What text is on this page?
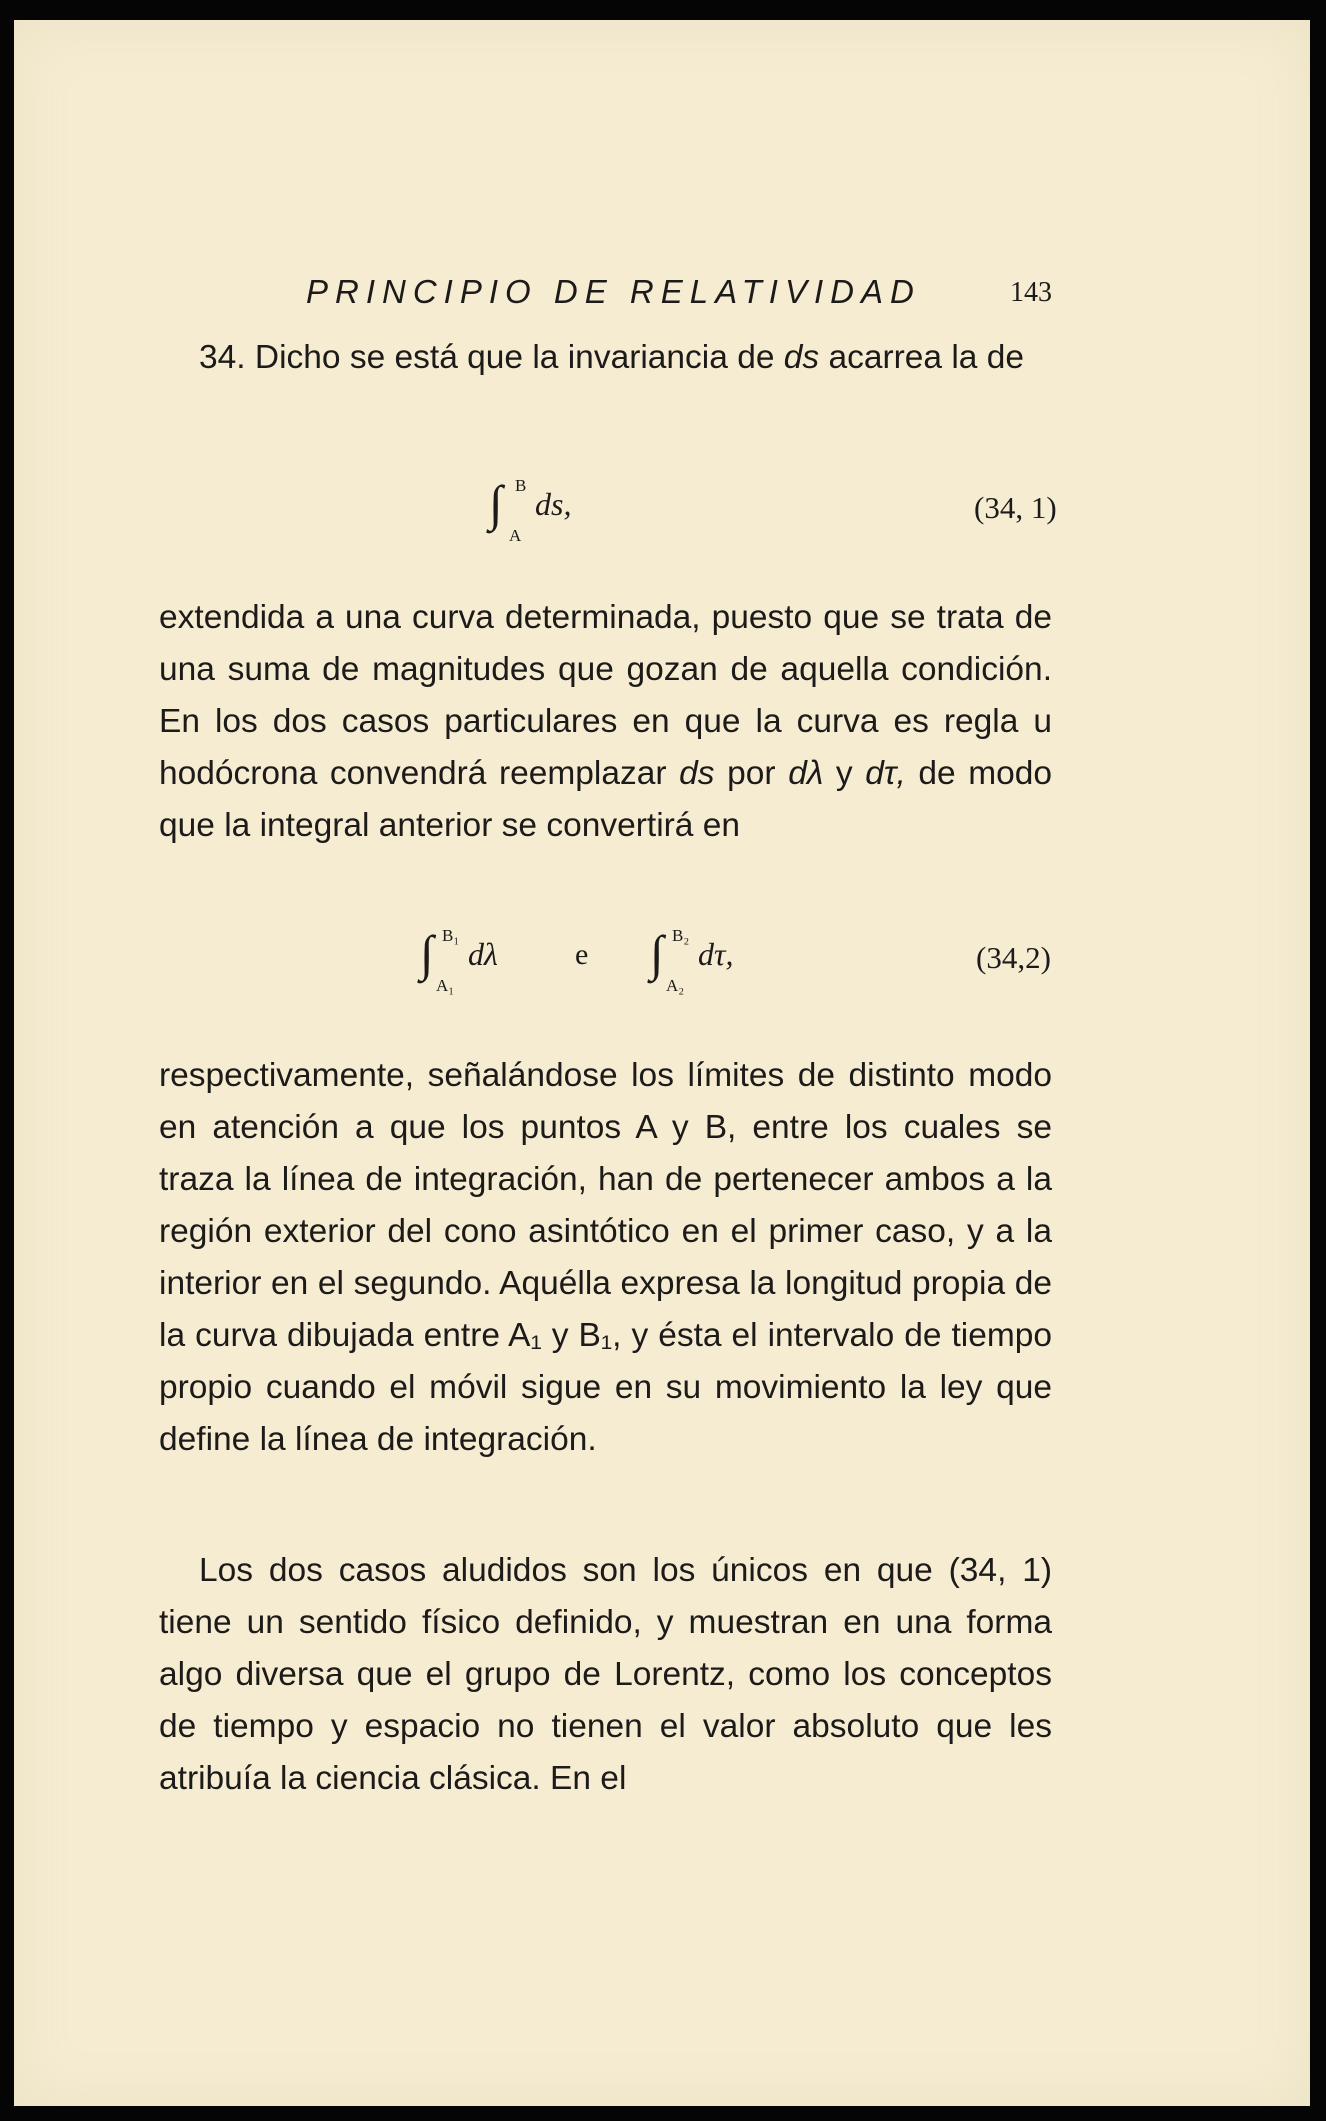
PRINCIPIO DE RELATIVIDAD	143

34. Dicho se está que la invariancia de ds acarrea la de

∫ B
A
ds,	(34, 1)

extendida a una curva determinada, puesto que se trata de una suma de magnitudes que gozan de aquella condición. En los dos casos particulares en que la curva es regla u hodócrona convendrá reemplazar ds por dλ y dτ, de modo que la integral anterior se convertirá en

∫ B₁
A₁
dλ	e ∫ B₂
A₂
dτ,	(34,2)

respectivamente, señalándose los límites de distinto modo en atención a que los puntos A y B, entre los cuales se traza la línea de integración, han de pertenecer ambos a la región exterior del cono asintótico en el primer caso, y a la interior en el segundo. Aquélla expresa la longitud propia de la curva dibujada entre A₁ y B₁, y ésta el intervalo de tiempo propio cuando el móvil sigue en su movimiento la ley que define la línea de integración.

Los dos casos aludidos son los únicos en que (34, 1) tiene un sentido físico definido, y muestran en una forma algo diversa que el grupo de Lorentz, como los conceptos de tiempo y espacio no tienen el valor absoluto que les atribuía la ciencia clásica. En el
